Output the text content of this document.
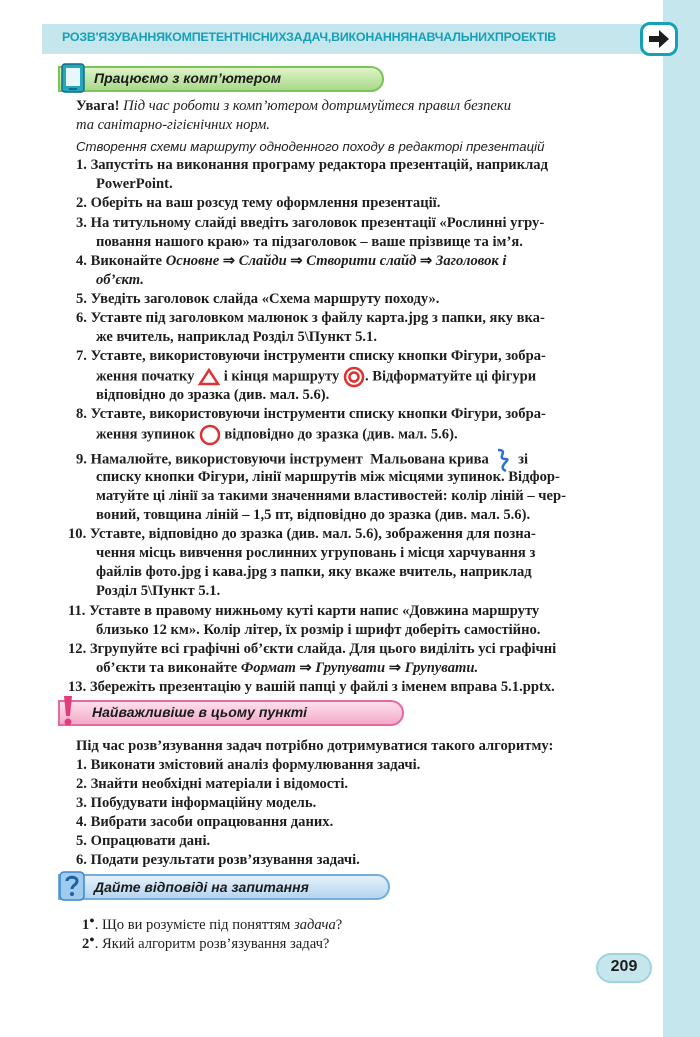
РОЗВ'ЯЗУВАННЯКОМПЕТЕНТНІСНИХЗАДАЧ,ВИКОНАННЯНАВЧАЛЬНИХПРОЕКТІВ
Працюємо з комп’ютером
Увага! Під час роботи з комп’ютером дотримуйтеся правил безпеки
та санітарно-гігієнічних норм.
Створення схеми маршруту одноденного походу в редакторі презентацій
1. Запустіть на виконання програму редактора презентацій, наприклад
PowerPoint.
2. Оберіть на ваш розсуд тему оформлення презентації.
3. На титульному слайді введіть заголовок презентації «Рослинні угру-
повання нашого краю» та підзаголовок – ваше прізвище та ім’я.
4. Виконайте Основне ⇒ Слайди ⇒ Створити слайд ⇒ Заголовок і
об’єкт.
5. Уведіть заголовок слайда «Схема маршруту походу».
6. Уставте під заголовком малюнок з файлу карта.jpg з папки, яку вка-
же вчитель, наприклад Розділ 5\Пункт 5.1.
7. Уставте, використовуючи інструменти списку кнопки Фігури, зобра-
ження початку і кінця маршруту . Відформатуйте ці фігури
відповідно до зразка (див. мал. 5.6).
8. Уставте, використовуючи інструменти списку кнопки Фігури, зобра-
ження зупинок відповідно до зразка (див. мал. 5.6).
9. Намалюйте, використовуючи інструмент Мальована крива зі
списку кнопки Фігури, лінії маршрутів між місцями зупинок. Відфор-
матуйте ці лінії за такими значеннями властивостей: колір ліній – чер-
воний, товщина ліній – 1,5 пт, відповідно до зразка (див. мал. 5.6).
10. Уставте, відповідно до зразка (див. мал. 5.6), зображення для позна-
чення місць вивчення рослинних угруповань і місця харчування з
файлів фото.jpg і кава.jpg з папки, яку вкаже вчитель, наприклад
Розділ 5\Пункт 5.1.
11. Уставте в правому нижньому куті карти напис «Довжина маршруту
близько 12 км». Колір літер, їх розмір і шрифт доберіть самостійно.
12. Згрупуйте всі графічні об’єкти слайда. Для цього виділіть усі графічні
об’єкти та виконайте Формат ⇒ Групувати ⇒ Групувати.
13. Збережіть презентацію у вашій папці у файлі з іменем вправа 5.1.pptx.
Найважливіше в цьому пункті
Під час розв’язування задач потрібно дотримуватися такого алгоритму:
1. Виконати змістовий аналіз формулювання задачі.
2. Знайти необхідні матеріали і відомості.
3. Побудувати інформаційну модель.
4. Вибрати засоби опрацювання даних.
5. Опрацювати дані.
6. Подати результати розв’язування задачі.
Дайте відповіді на запитання
1●. Що ви розумієте під поняттям задача?
2●. Який алгоритм розв’язування задач?
209
